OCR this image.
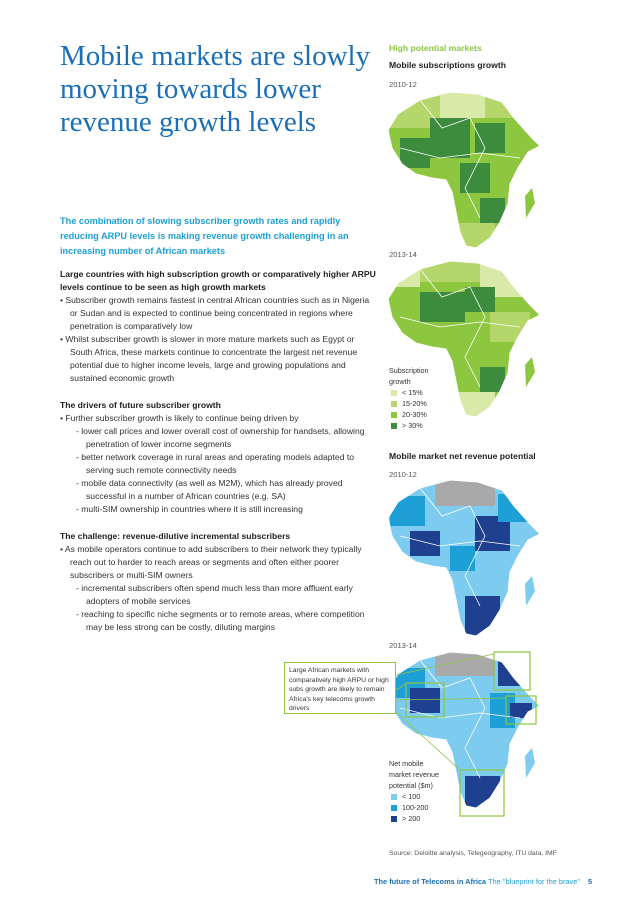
Mobile markets are slowly moving towards lower revenue growth levels
The combination of slowing subscriber growth rates and rapidly reducing ARPU levels is making revenue growth challenging in an increasing number of African markets
Large countries with high subscription growth or comparatively higher ARPU levels continue to be seen as high growth markets
• Subscriber growth remains fastest in central African countries such as in Nigeria or Sudan and is expected to continue being concentrated in regions where penetration is comparatively low
• Whilst subscriber growth is slower in more mature markets such as Egypt or South Africa, these markets continue to concentrate the largest net revenue potential due to higher income levels, large and growing populations and sustained economic growth
The drivers of future subscriber growth
• Further subscriber growth is likely to continue being driven by
- lower call prices and lower overall cost of ownership for handsets, allowing penetration of lower income segments
- better network coverage in rural areas and operating models adapted to serving such remote connectivity needs
- mobile data connectivity (as well as M2M), which has already proved successful in a number of African countries (e.g. SA)
- multi-SIM ownership in countries where it is still increasing
The challenge: revenue-dilutive incremental subscribers
• As mobile operators continue to add subscribers to their network they typically reach out to harder to reach areas or segments and often either poorer subscribers or multi-SIM owners
- incremental subscribers often spend much less than more affluent early adopters of mobile services
- reaching to specific niche segments or to remote areas, where competition may be less strong can be costly, diluting margins
High potential markets
Mobile subscriptions growth
2010-12
2013-14
Mobile market net revenue potential
2010-12
2013-14
Subscription
growth
< 15%
15-20%
20-30%
> 30%
Large African markets with comparatively high ARPU or high subs growth are likely to remain Africa's key telecoms growth drivers
Net mobile
market revenue
potential ($m)
< 100
100-200
> 200
Source: Deloitte analysis, Telegeography, ITU data, IMF
The future of Telecoms in Africa The "blueprint for the brave" 5
